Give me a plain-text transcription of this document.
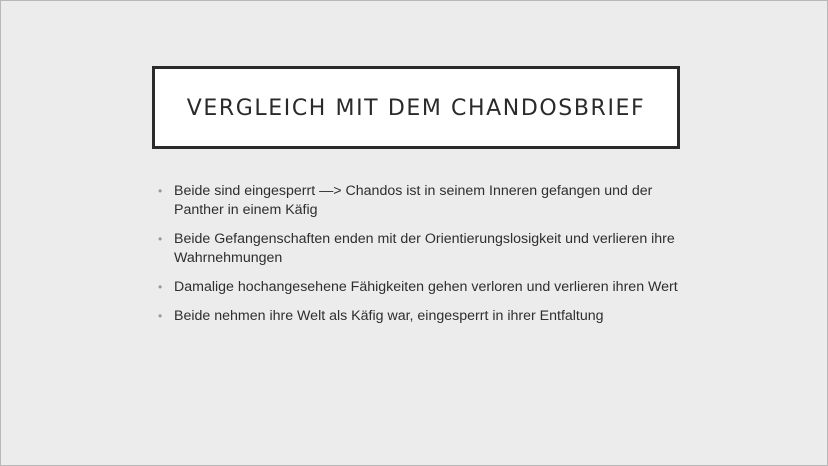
VERGLEICH MIT DEM CHANDOSBRIEF
• Beide sind eingesperrt —> Chandos ist in seinem Inneren gefangen und der Panther in einem Käfig
• Beide Gefangenschaften enden mit der Orientierungslosigkeit und verlieren ihre Wahrnehmungen
• Damalige hochangesehene Fähigkeiten gehen verloren und verlieren ihren Wert
• Beide nehmen ihre Welt als Käfig war, eingesperrt in ihrer Entfaltung
